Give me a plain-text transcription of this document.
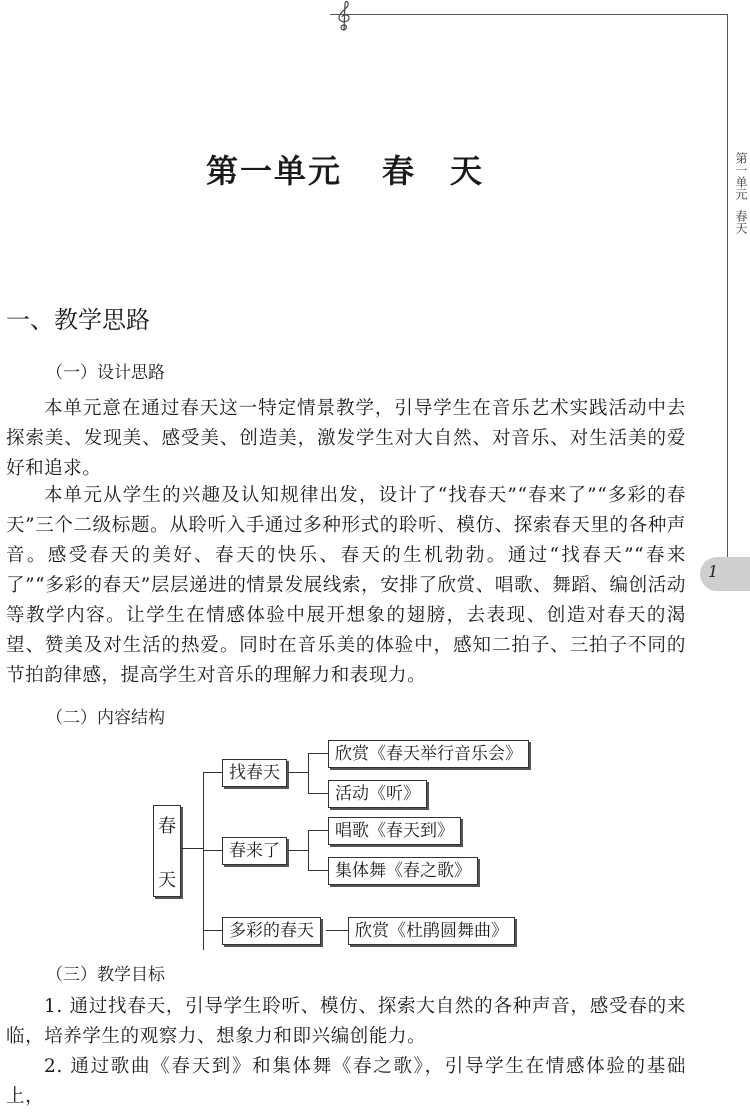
第一单元春天
1
第一单元 春　天
一、教学思路
（一）设计思路
本单元意在通过春天这一特定情景教学，引导学生在音乐艺术实践活动中去探索美、发现美、感受美、创造美，激发学生对大自然、对音乐、对生活美的爱好和追求。
本单元从学生的兴趣及认知规律出发，设计了“找春天”“春来了”“多彩的春天”三个二级标题。从聆听入手通过多种形式的聆听、模仿、探索春天里的各种声音。感受春天的美好、春天的快乐、春天的生机勃勃。通过“找春天”“春来了”“多彩的春天”层层递进的情景发展线索，安排了欣赏、唱歌、舞蹈、编创活动等教学内容。让学生在情感体验中展开想象的翅膀，去表现、创造对春天的渴望、赞美及对生活的热爱。同时在音乐美的体验中，感知二拍子、三拍子不同的节拍韵律感，提高学生对音乐的理解力和表现力。
（二）内容结构
春
天
找春天
欣赏《春天举行音乐会》
活动《听》
春来了
唱歌《春天到》
集体舞《春之歌》
多彩的春天	欣赏《杜鹃圆舞曲》
（三）教学目标
1. 通过找春天，引导学生聆听、模仿、探索大自然的各种声音，感受春的来临，培养学生的观察力、想象力和即兴编创能力。
2. 通过歌曲《春天到》和集体舞《春之歌》，引导学生在情感体验的基础上，
